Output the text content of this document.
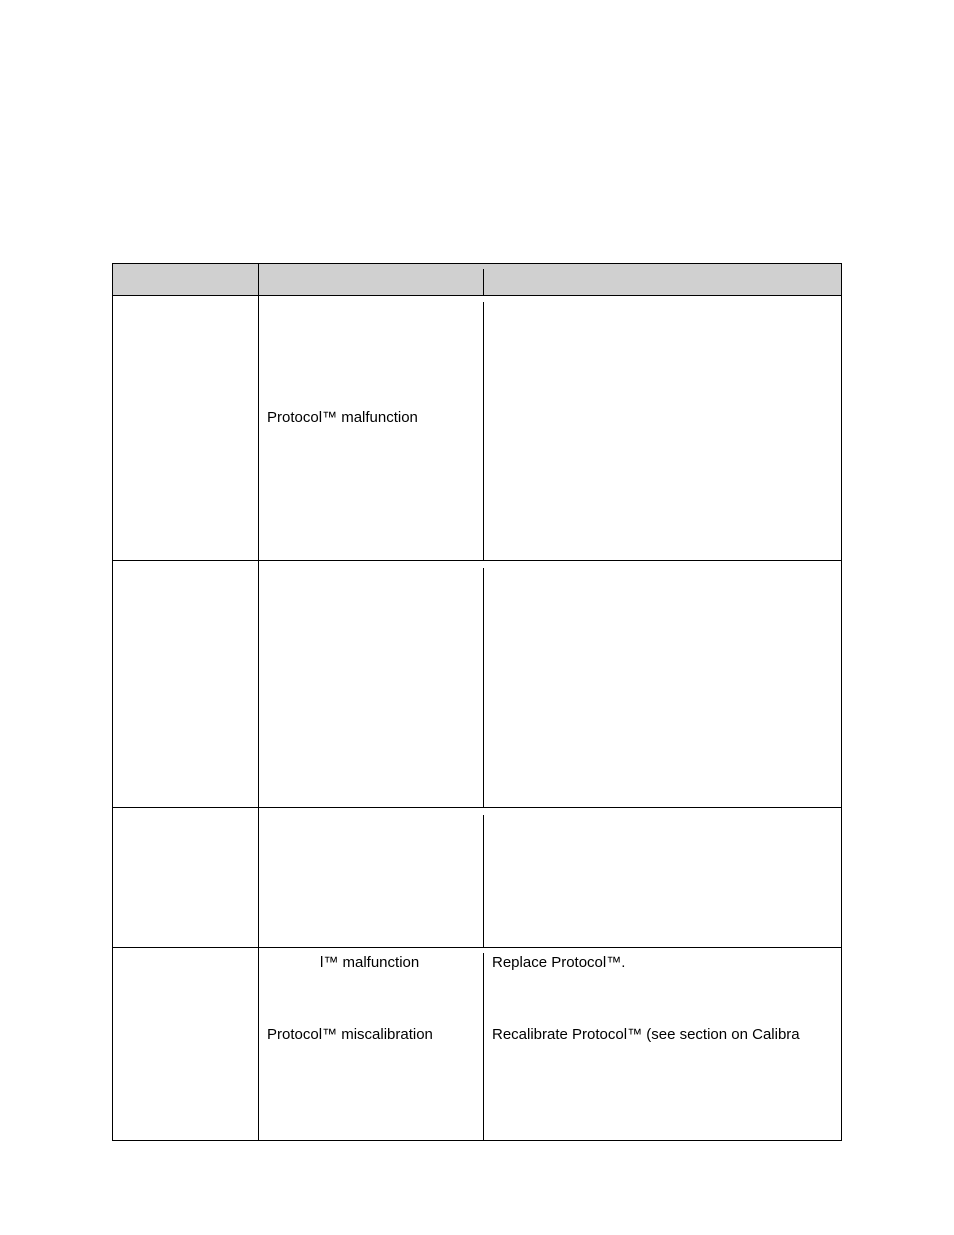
Protocol™ malfunction
l™ malfunction
Protocol™ miscalibration
Replace Protocol™.
Recalibrate Protocol™ (see section on Calibra
